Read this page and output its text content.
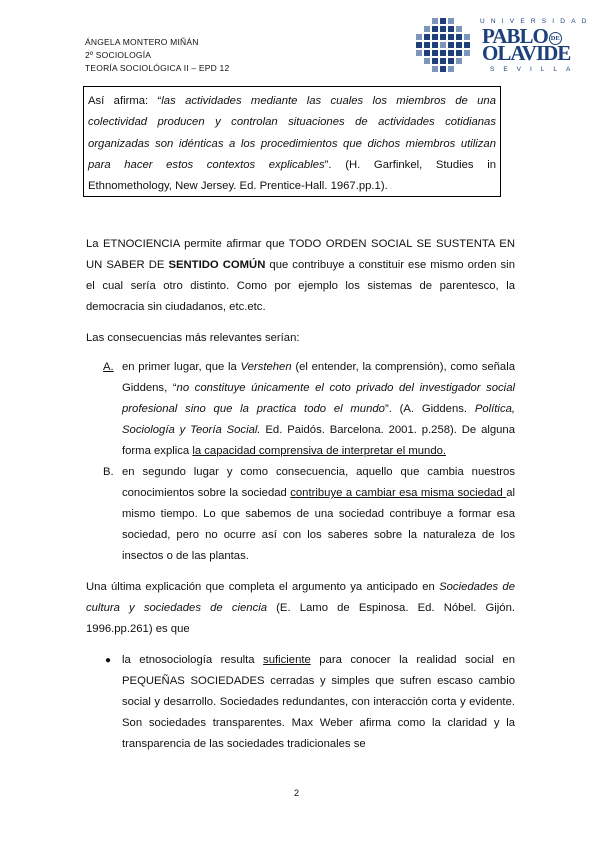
ÁNGELA MONTERO MIÑÁN
2º SOCIOLOGÍA
TEORÍA SOCIOLÓGICA II – EPD 12
UNIVERSIDAD
PABLO DE
OLAVIDE
SEVILLA
Así afirma: “las actividades mediante las cuales los miembros de una colectividad producen y controlan situaciones de actividades cotidianas organizadas son idénticas a los procedimientos que dichos miembros utilizan para hacer estos contextos explicables”. (H. Garfinkel, Studies in Ethnomethology, New Jersey. Ed. Prentice-Hall. 1967.pp.1).

La ETNOCIENCIA permite afirmar que TODO ORDEN SOCIAL SE SUSTENTA EN UN SABER DE SENTIDO COMÚN que contribuye a constituir ese mismo orden sin el cual sería otro distinto. Como por ejemplo los sistemas de parentesco, la democracia sin ciudadanos, etc.etc.

Las consecuencias más relevantes serían:

A. en primer lugar, que la Verstehen (el entender, la comprensión), como señala Giddens, “no constituye únicamente el coto privado del investigador social profesional sino que la practica todo el mundo”. (A. Giddens. Política, Sociología y Teoría Social. Ed. Paidós. Barcelona. 2001. p.258). De alguna forma explica la capacidad comprensiva de interpretar el mundo.
B. en segundo lugar y como consecuencia, aquello que cambia nuestros conocimientos sobre la sociedad contribuye a cambiar esa misma sociedad al mismo tiempo. Lo que sabemos de una sociedad contribuye a formar esa sociedad, pero no ocurre así con los saberes sobre la naturaleza de los insectos o de las plantas.

Una última explicación que completa el argumento ya anticipado en Sociedades de cultura y sociedades de ciencia (E. Lamo de Espinosa. Ed. Nóbel. Gijón. 1996.pp.261) es que

● la etnosociología resulta suficiente para conocer la realidad social en PEQUEÑAS SOCIEDADES cerradas y simples que sufren escaso cambio social y desarrollo. Sociedades redundantes, con interacción corta y evidente. Son sociedades transparentes. Max Weber afirma como la claridad y la transparencia de las sociedades tradicionales se
2
